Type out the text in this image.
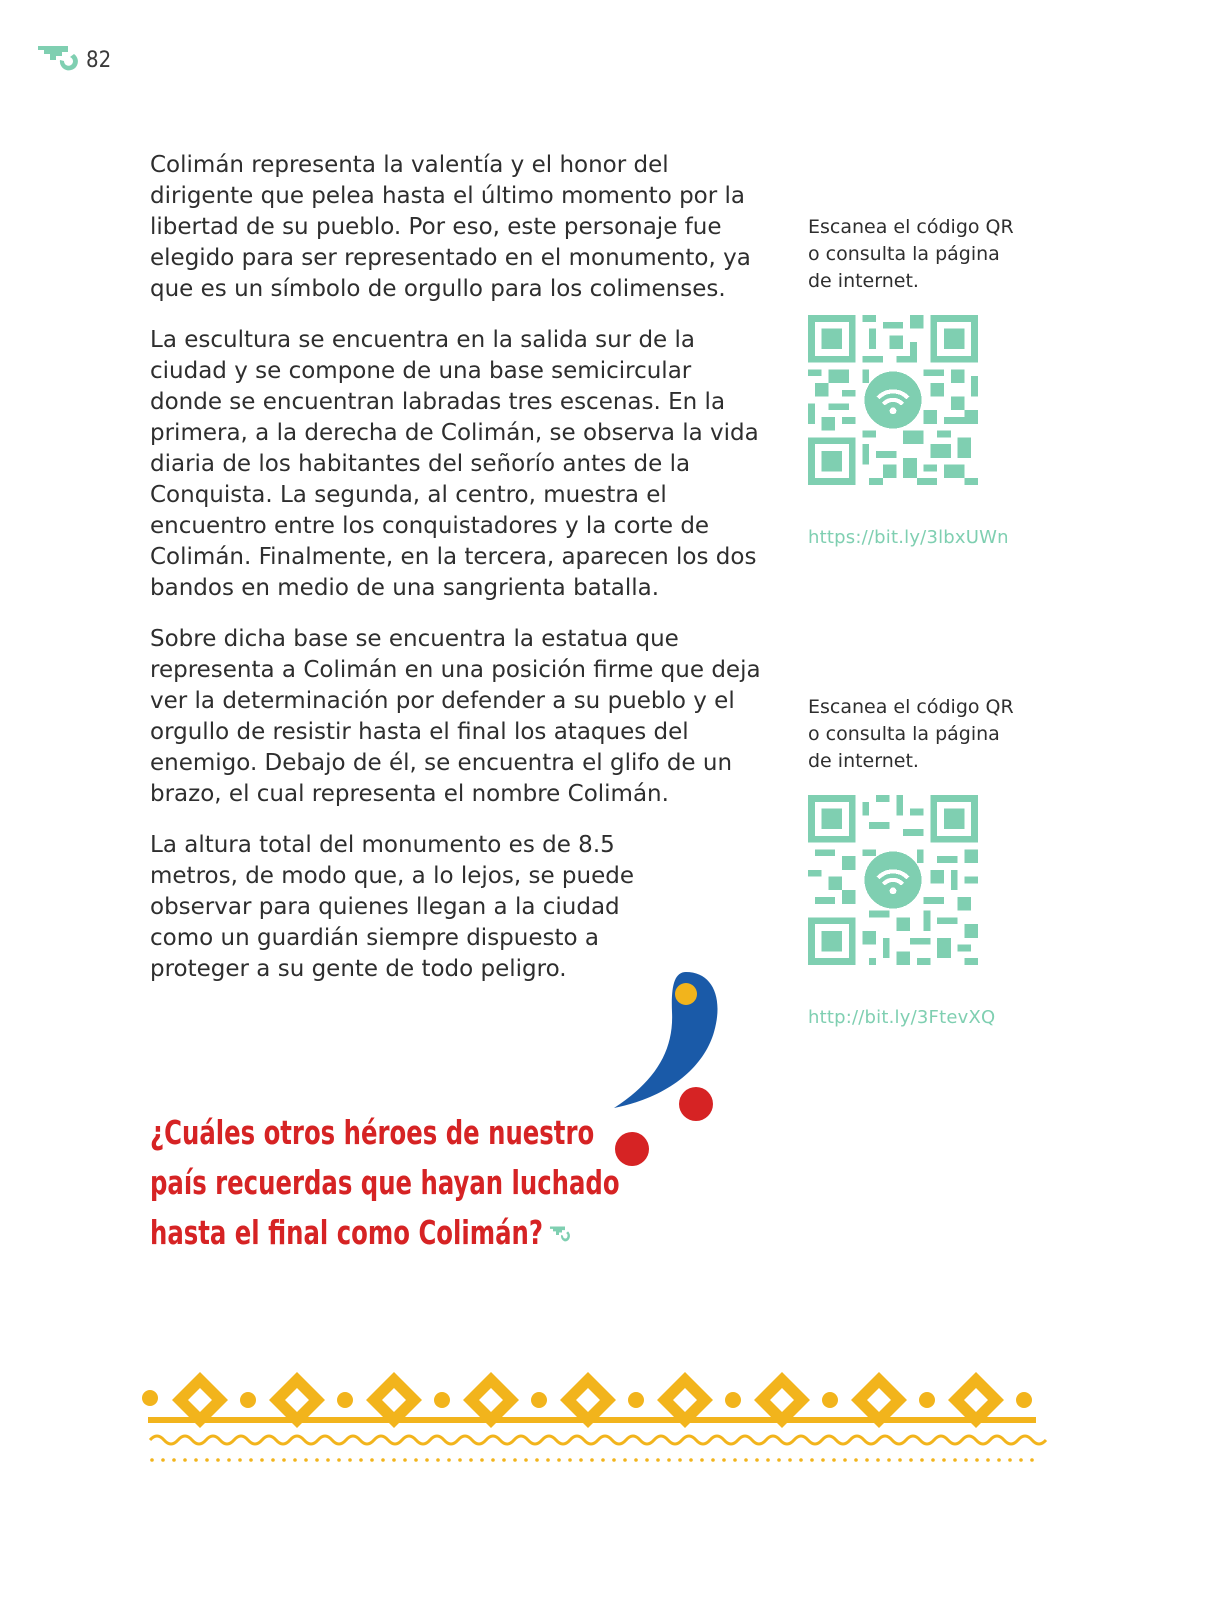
82

Colimán representa la valentía y el honor del dirigente que pelea hasta el último momento por la libertad de su pueblo. Por eso, este personaje fue elegido para ser representado en el monumento, ya que es un símbolo de orgullo para los colimenses.

La escultura se encuentra en la salida sur de la ciudad y se compone de una base semicircular donde se encuentran labradas tres escenas. En la primera, a la derecha de Colimán, se observa la vida diaria de los habitantes del señorío antes de la Conquista. La segunda, al centro, muestra el encuentro entre los conquistadores y la corte de Colimán. Finalmente, en la tercera, aparecen los dos bandos en medio de una sangrienta batalla.

Sobre dicha base se encuentra la estatua que representa a Colimán en una posición firme que deja ver la determinación por defender a su pueblo y el orgullo de resistir hasta el final los ataques del enemigo. Debajo de él, se encuentra el glifo de un brazo, el cual representa el nombre Colimán.

La altura total del monumento es de 8.5 metros, de modo que, a lo lejos, se puede observar para quienes llegan a la ciudad como un guardián siempre dispuesto a proteger a su gente de todo peligro.

Escanea el código QR o consulta la página de internet.
https://bit.ly/3lbxUWn
Escanea el código QR o consulta la página de internet.
http://bit.ly/3FtevXQ
¿Cuáles otros héroes de nuestro
país recuerdas que hayan luchado
hasta el final como Colimán?
